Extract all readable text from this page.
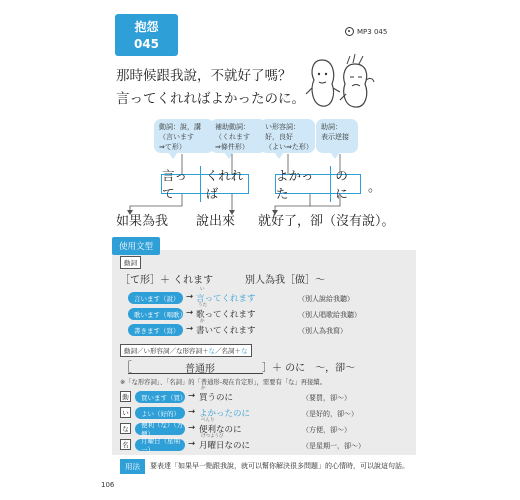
抱怨
045
MP3 045
那時候跟我說，不就好了嗎？
言ってくれればよかったのに。
動詞：說，講
（言います
⇒て形）
補助動詞：
（くれます
⇒條件形）
い形容詞：
好，良好
（よい⇒た形）
助詞：
表示逆接
言って
くれれば
よかった
のに	。
如果為我 說出來 就好了，卻（沒有說）。
使用文型
動詞
［て形］＋ くれます	別人為我［做］～
言います（說） →
い
言ってくれます	（別人說給我聽）
歌います（唱歌） →
うた
歌ってくれます	（別人唱歌給我聽）
書きます（寫） →
か
書いてくれます	（別人為我寫）
動詞／い形容詞／な形容詞＋な／名詞＋な
［	普通形	］＋ のに　～，卻～
※「な形容詞」、「名詞」的「普通形-現在肯定形」，需要有「な」再接續。
動	買います（買） →
か
買うのに	（要買，卻～）
い	よい（好的） → よかったのに	（是好的，卻～）
な	便利（な）（方便）
→
べんり
便利なのに	（方便，卻～）
名	月曜日（星期一）
→
げつようび
月曜日なのに	（是星期一，卻～）
用法	要表達「如果早一點跟我說，就可以幫你解決很多問題」的心情時，可以說這句話。
106
